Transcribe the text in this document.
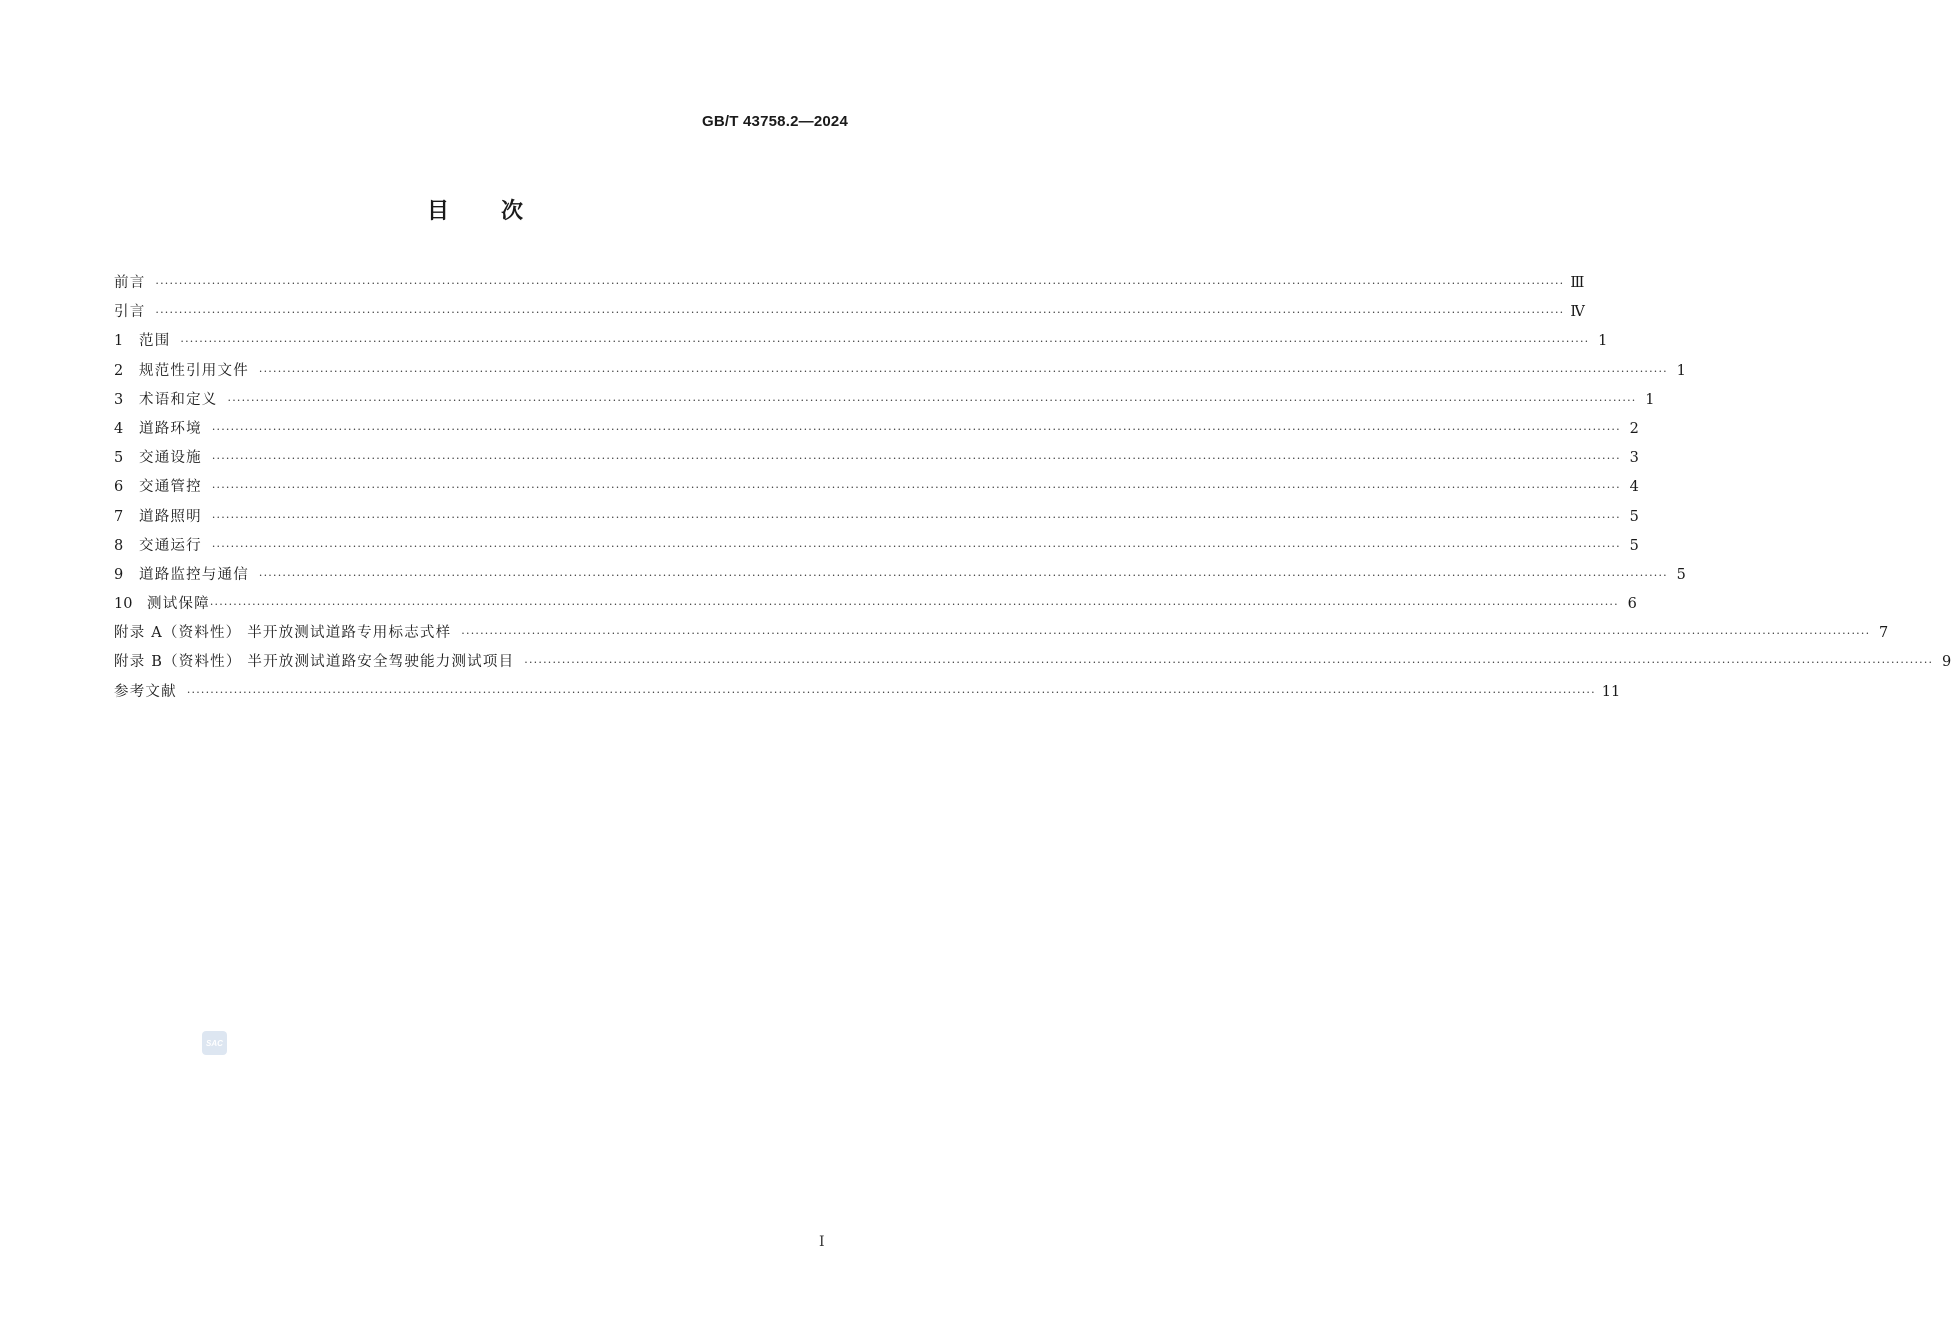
GB/T 43758.2—2024
目次
前言 ············································································································································································································································································································ Ⅲ
引言 ············································································································································································································································································································ Ⅳ
1	范围 ············································································································································································································································································································ 1
2	规范性引用文件 ············································································································································································································································································································ 1
3	术语和定义 ············································································································································································································································································································ 1
4	道路环境 ············································································································································································································································································································ 2
5	交通设施 ············································································································································································································································································································ 3
6	交通管控 ············································································································································································································································································································ 4
7	道路照明 ············································································································································································································································································································ 5
8	交通运行 ············································································································································································································································································································ 5
9	道路监控与通信 ············································································································································································································································································································ 5
10	测试保障 ············································································································································································································································································································ 6
附录 A（资料性） 半开放测试道路专用标志式样 ············································································································································································································································································································ 7
附录 B（资料性） 半开放测试道路安全驾驶能力测试项目 ············································································································································································································································································································ 9
参考文献 ············································································································································································································································································································ 11
SAC
Ⅰ
